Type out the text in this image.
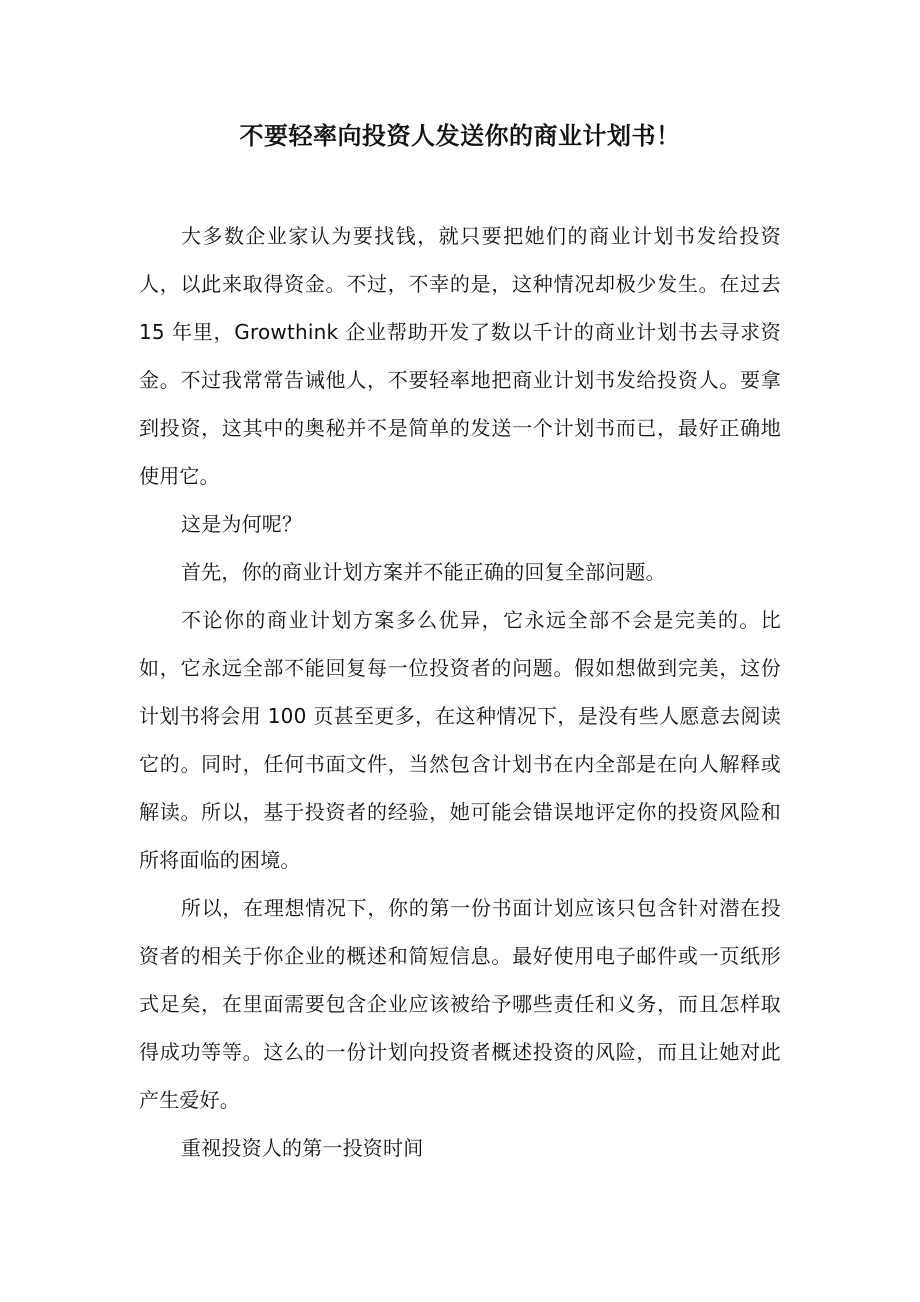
不要轻率向投资人发送你的商业计划书！

大多数企业家认为要找钱，就只要把她们的商业计划书发给投资人，以此来取得资金。不过，不幸的是，这种情况却极少发生。在过去 15 年里，Growthink 企业帮助开发了数以千计的商业计划书去寻求资金。不过我常常告诫他人，不要轻率地把商业计划书发给投资人。要拿到投资，这其中的奥秘并不是简单的发送一个计划书而已，最好正确地使用它。

这是为何呢？

首先，你的商业计划方案并不能正确的回复全部问题。

不论你的商业计划方案多么优异，它永远全部不会是完美的。比如，它永远全部不能回复每一位投资者的问题。假如想做到完美，这份计划书将会用 100 页甚至更多，在这种情况下，是没有些人愿意去阅读它的。同时，任何书面文件，当然包含计划书在内全部是在向人解释或解读。所以，基于投资者的经验，她可能会错误地评定你的投资风险和所将面临的困境。

所以，在理想情况下，你的第一份书面计划应该只包含针对潜在投资者的相关于你企业的概述和简短信息。最好使用电子邮件或一页纸形式足矣，在里面需要包含企业应该被给予哪些责任和义务，而且怎样取得成功等等。这么的一份计划向投资者概述投资的风险，而且让她对此产生爱好。

重视投资人的第一投资时间
